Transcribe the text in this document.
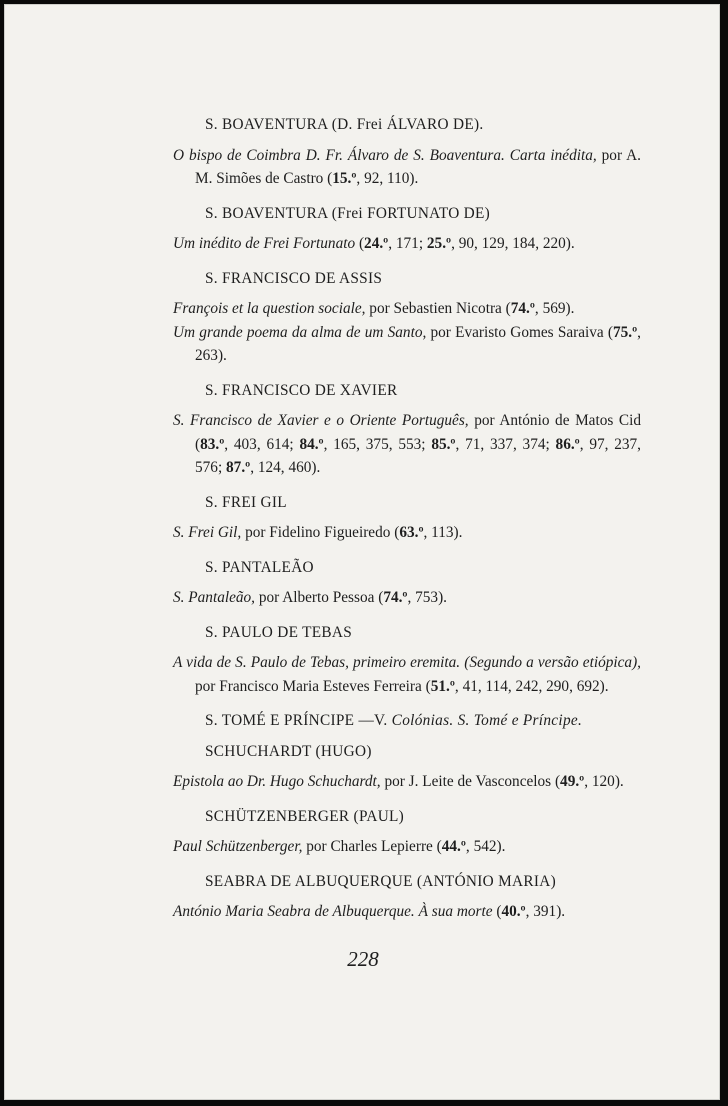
S. BOAVENTURA (D. Frei ÁLVARO DE).
O bispo de Coimbra D. Fr. Álvaro de S. Boaventura. Carta inédita, por A. M. Simões de Castro (15.º, 92, 110).
S. BOAVENTURA (Frei FORTUNATO DE)
Um inédito de Frei Fortunato (24.º, 171; 25.º, 90, 129, 184, 220).
S. FRANCISCO DE ASSIS
François et la question sociale, por Sebastien Nicotra (74.º, 569).
Um grande poema da alma de um Santo, por Evaristo Gomes Saraiva (75.º, 263).
S. FRANCISCO DE XAVIER
S. Francisco de Xavier e o Oriente Português, por António de Matos Cid (83.º, 403, 614; 84.º, 165, 375, 553; 85.º, 71, 337, 374; 86.º, 97, 237, 576; 87.º, 124, 460).
S. FREI GIL
S. Frei Gil, por Fidelino Figueiredo (63.º, 113).
S. PANTALEÃO
S. Pantaleão, por Alberto Pessoa (74.º, 753).
S. PAULO DE TEBAS
A vida de S. Paulo de Tebas, primeiro eremita. (Segundo a versão etiópica), por Francisco Maria Esteves Ferreira (51.º, 41, 114, 242, 290, 692).
S. TOMÉ E PRÍNCIPE —V. Colónias. S. Tomé e Príncipe.
SCHUCHARDT (HUGO)
Epistola ao Dr. Hugo Schuchardt, por J. Leite de Vasconcelos (49.º, 120).
SCHÜTZENBERGER (PAUL)
Paul Schützenberger, por Charles Lepierre (44.º, 542).
SEABRA DE ALBUQUERQUE (ANTÓNIO MARIA)
António Maria Seabra de Albuquerque. À sua morte (40.º, 391).
228
